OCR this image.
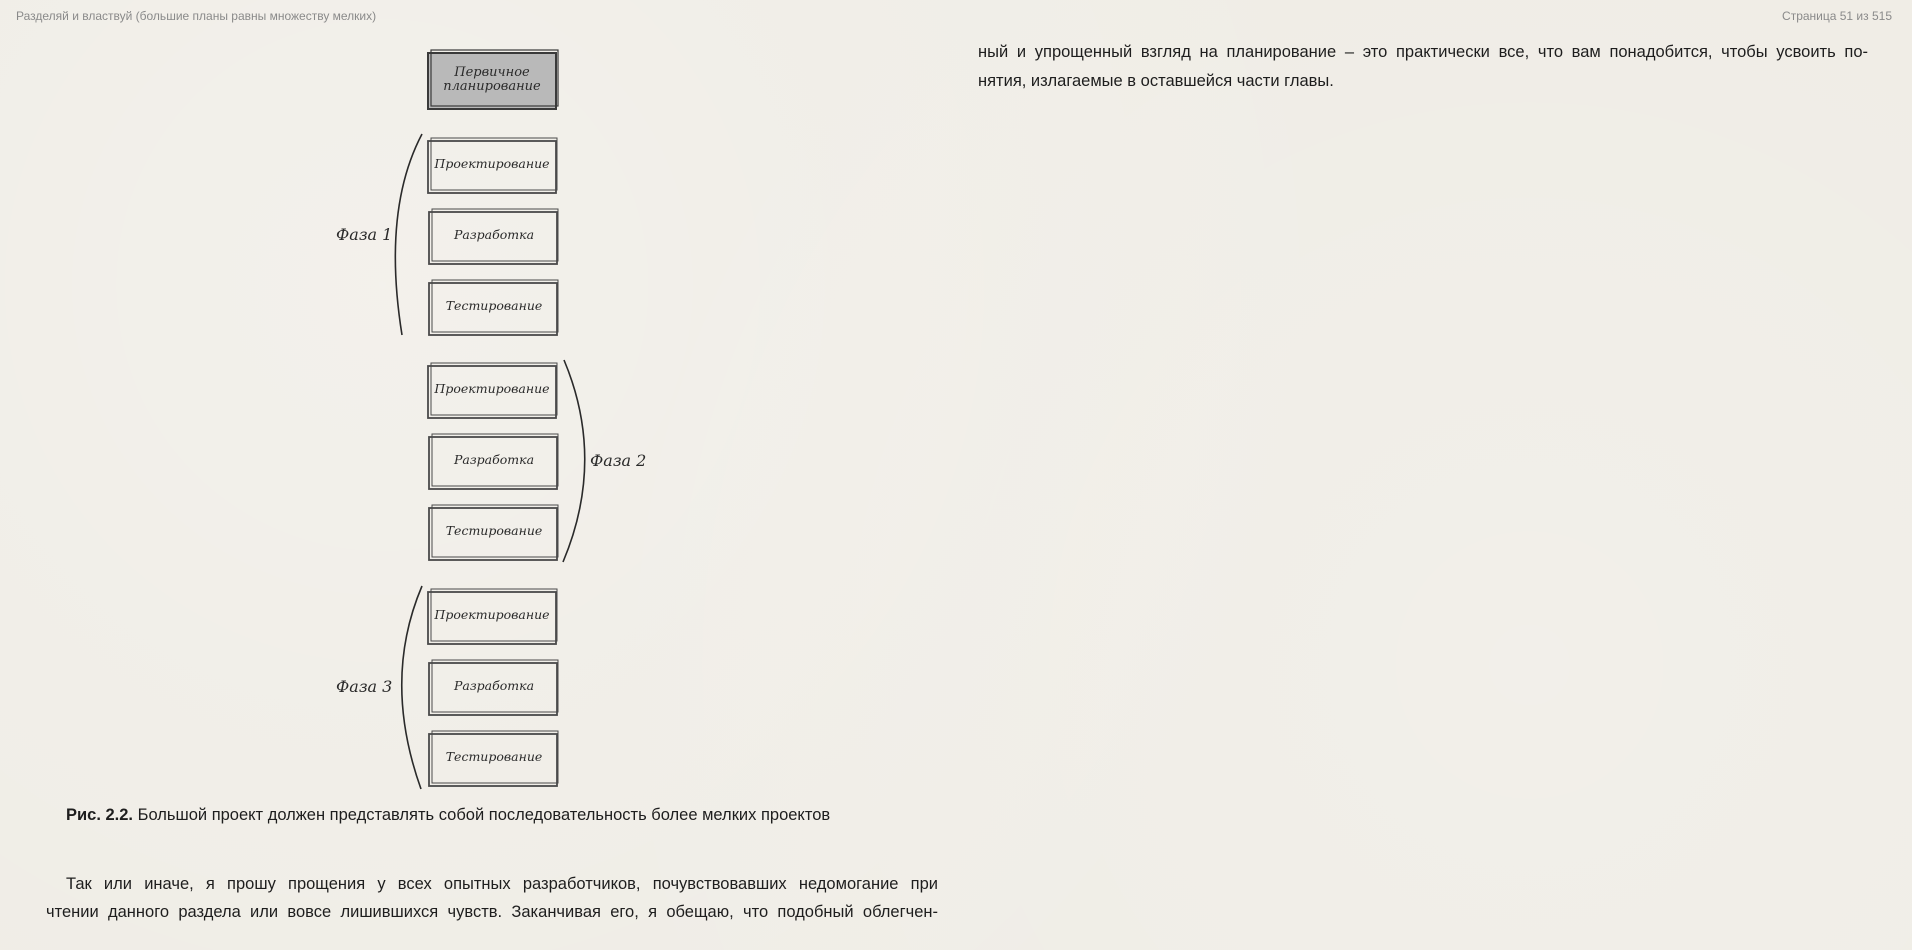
Разделяй и властвуй (большие планы равны множеству мелких)	Страница 51 из 515
Первичное
планирование
Фаза 1
Проектирование
Разработка
Тестирование
Фаза 2
Проектирование
Разработка
Тестирование
Фаза 3
Проектирование
Разработка
Тестирование
Рис. 2.2. Большой проект должен представлять собой последовательность более мелких проектов
Так или иначе, я прошу прощения у всех опытных разработчиков, почувствовавших недомогание при
чтении данного раздела или вовсе лишившихся чувств. Заканчивая его, я обещаю, что подобный облегчен-
ный и упрощенный взгляд на планирование – это практически все, что вам понадобится, чтобы усвоить по-
нятия, излагаемые в оставшейся части главы.
